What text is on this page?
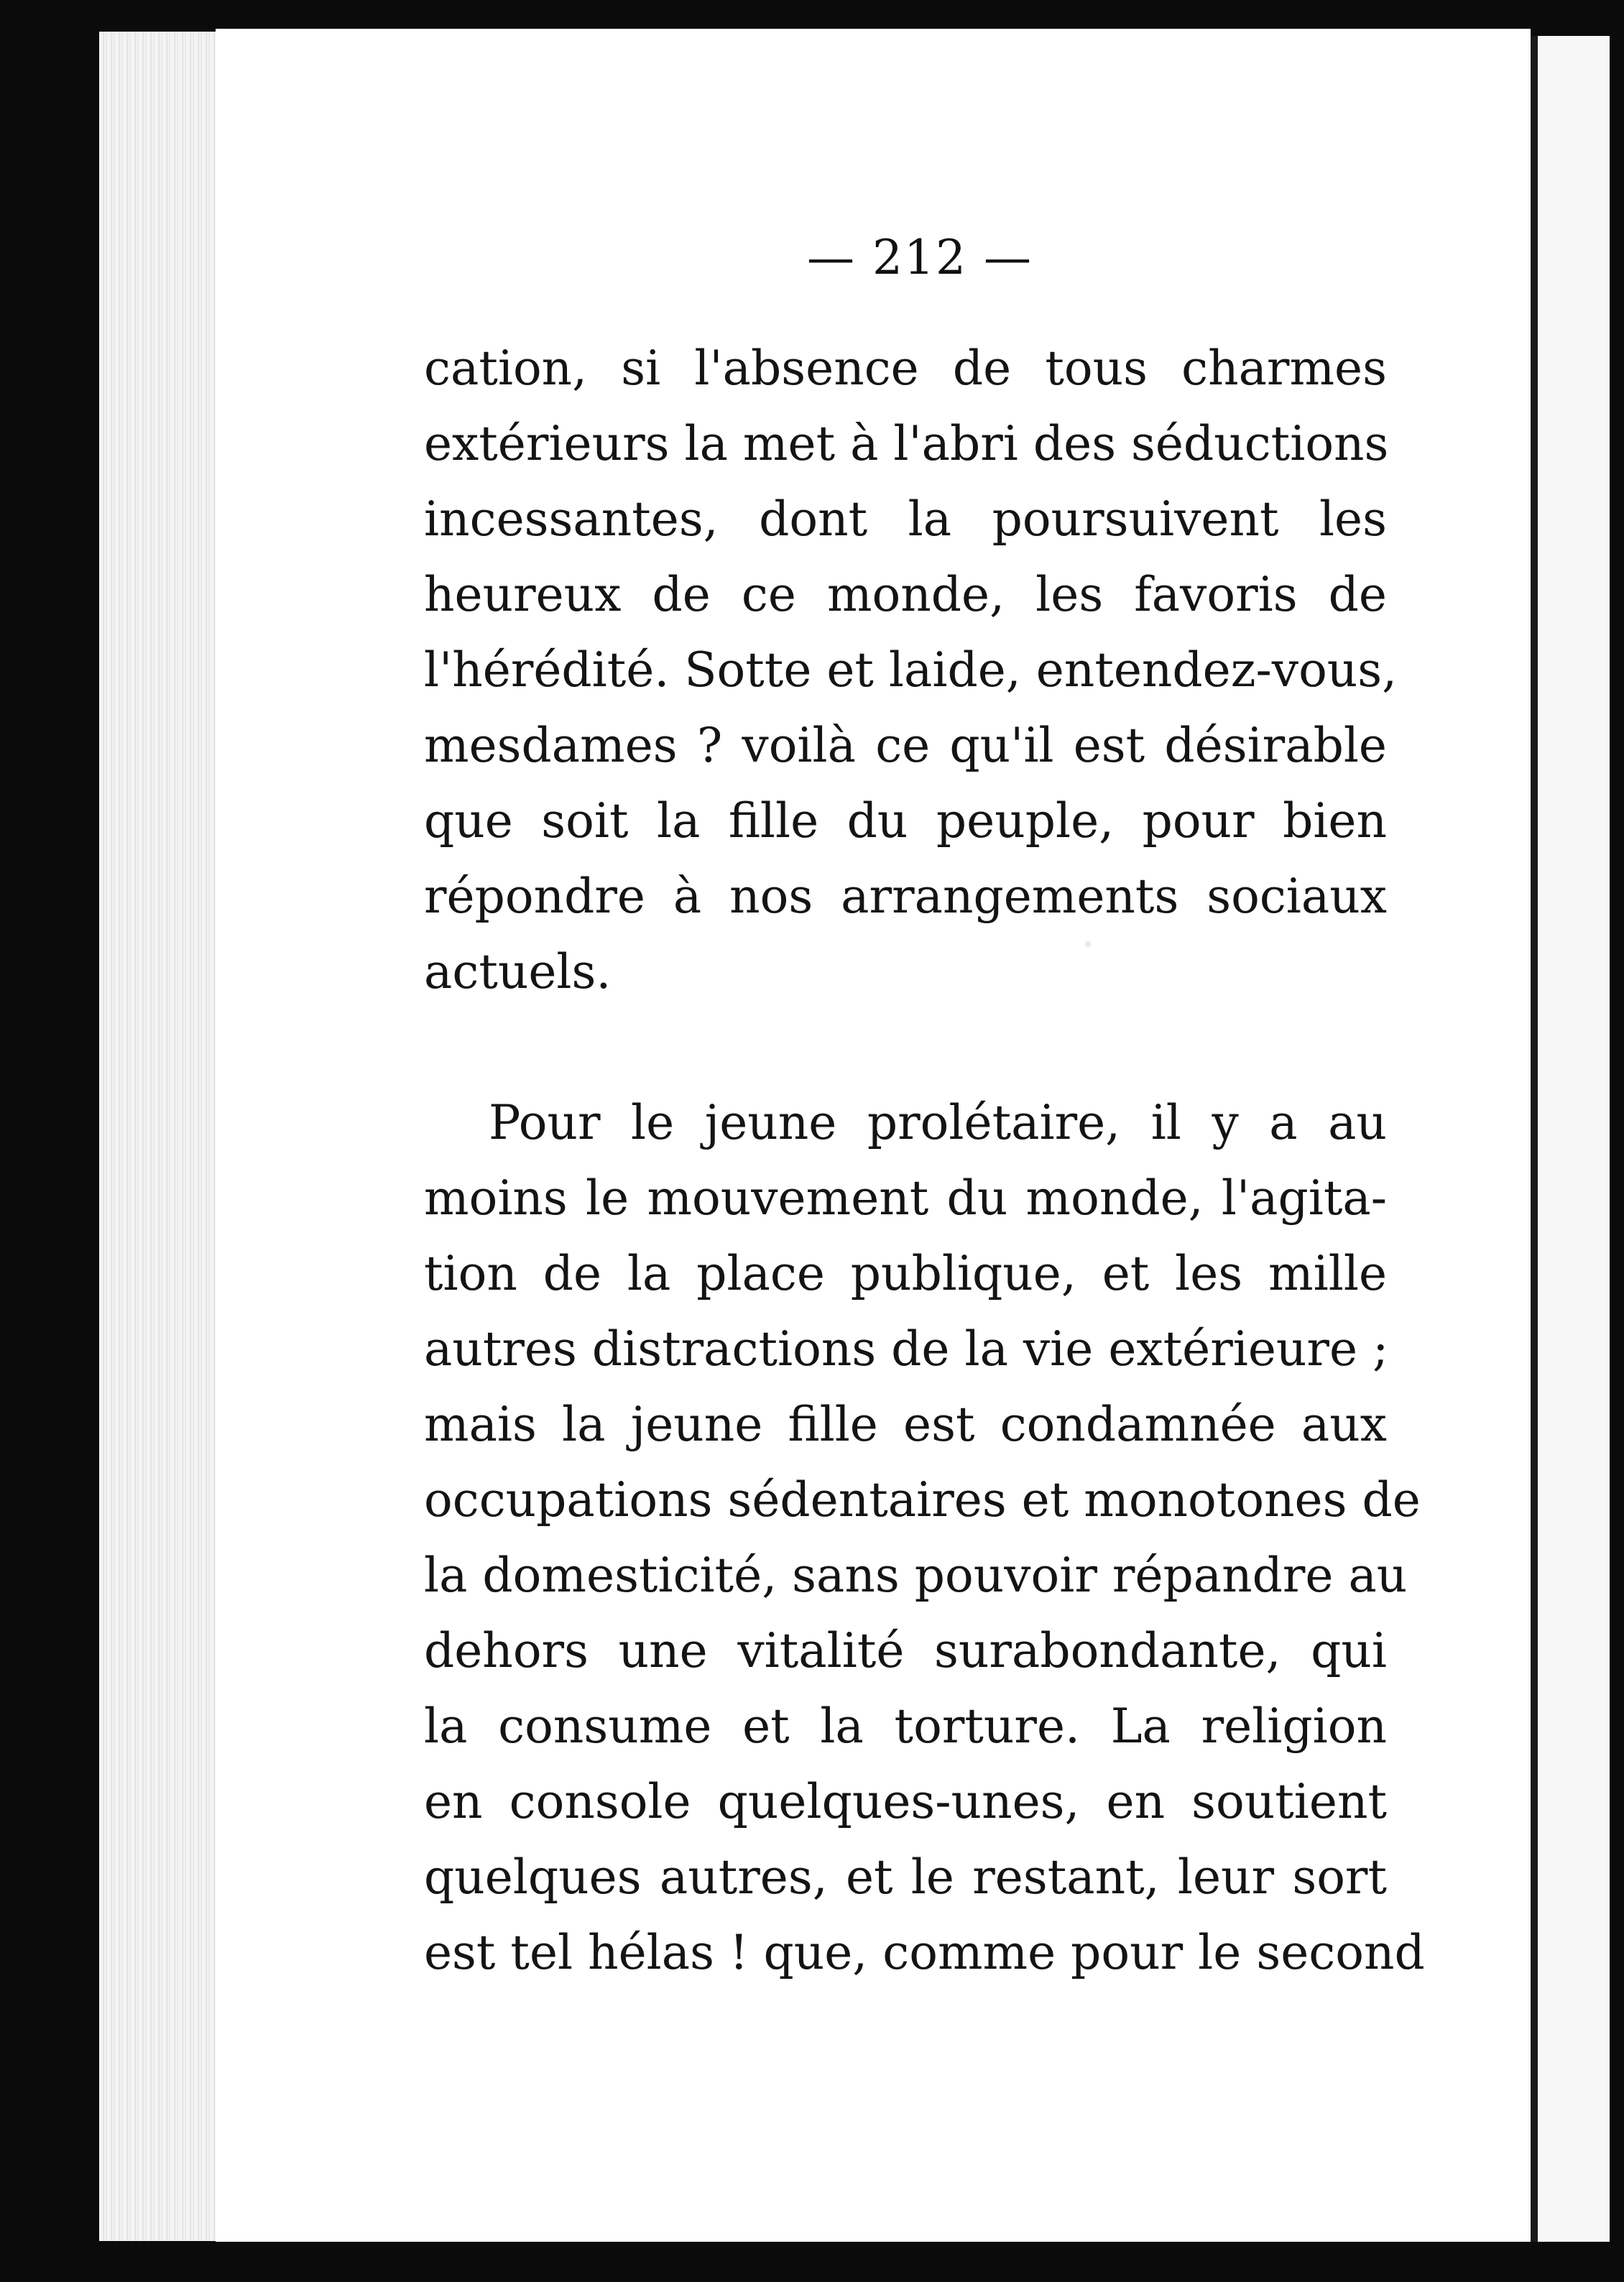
— 212 —
cation, si l'absence de tous charmes
extérieurs la met à l'abri des séductions
incessantes, dont la poursuivent les
heureux de ce monde, les favoris de
l'hérédité. Sotte et laide, entendez-vous,
mesdames ? voilà ce qu'il est désirable
que soit la fille du peuple, pour bien
répondre à nos arrangements sociaux
actuels.
Pour le jeune prolétaire, il y a au
moins le mouvement du monde, l'agita-
tion de la place publique, et les mille
autres distractions de la vie extérieure ;
mais la jeune fille est condamnée aux
occupations sédentaires et monotones de
la domesticité, sans pouvoir répandre au
dehors une vitalité surabondante, qui
la consume et la torture. La religion
en console quelques-unes, en soutient
quelques autres, et le restant, leur sort
est tel hélas ! que, comme pour le second
